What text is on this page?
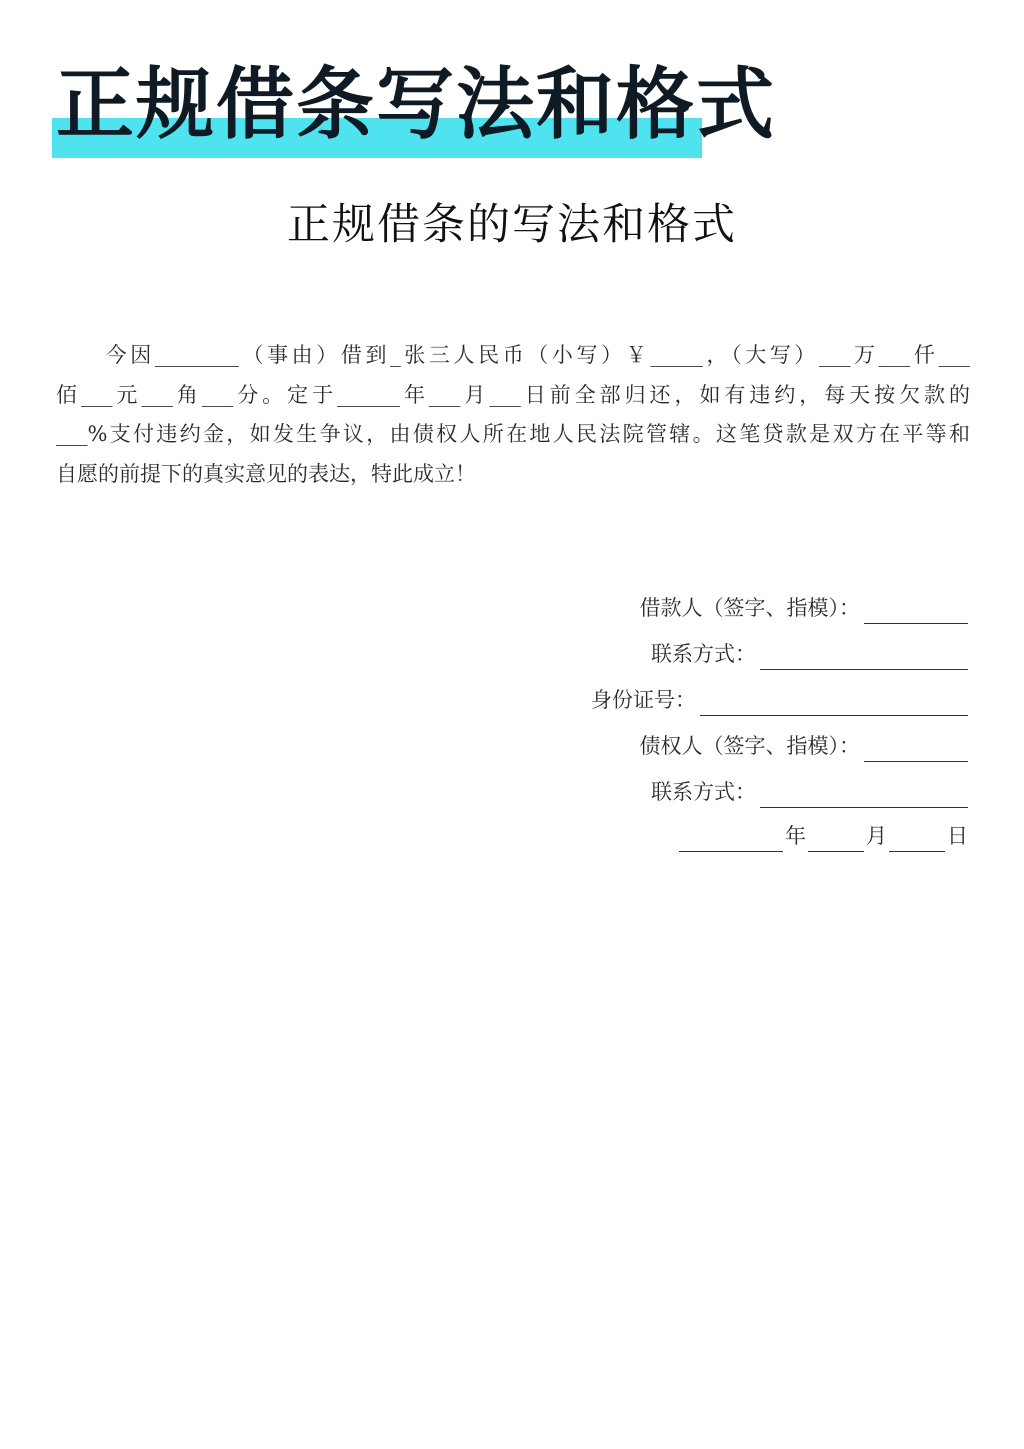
正规借条写法和格式
正规借条的写法和格式
今因________（事由）借到_张三人民币（小写）￥_____，（大写）___万___仟___
佰___元___角___分。定于______年___月___日前全部归还，如有违约，每天按欠款的
___%支付违约金，如发生争议，由债权人所在地人民法院管辖。这笔贷款是双方在平等和
自愿的前提下的真实意见的表达，特此成立！
借款人（签字、指模）：
联系方式：
身份证号：
债权人（签字、指模）：
联系方式：
年	月	日
